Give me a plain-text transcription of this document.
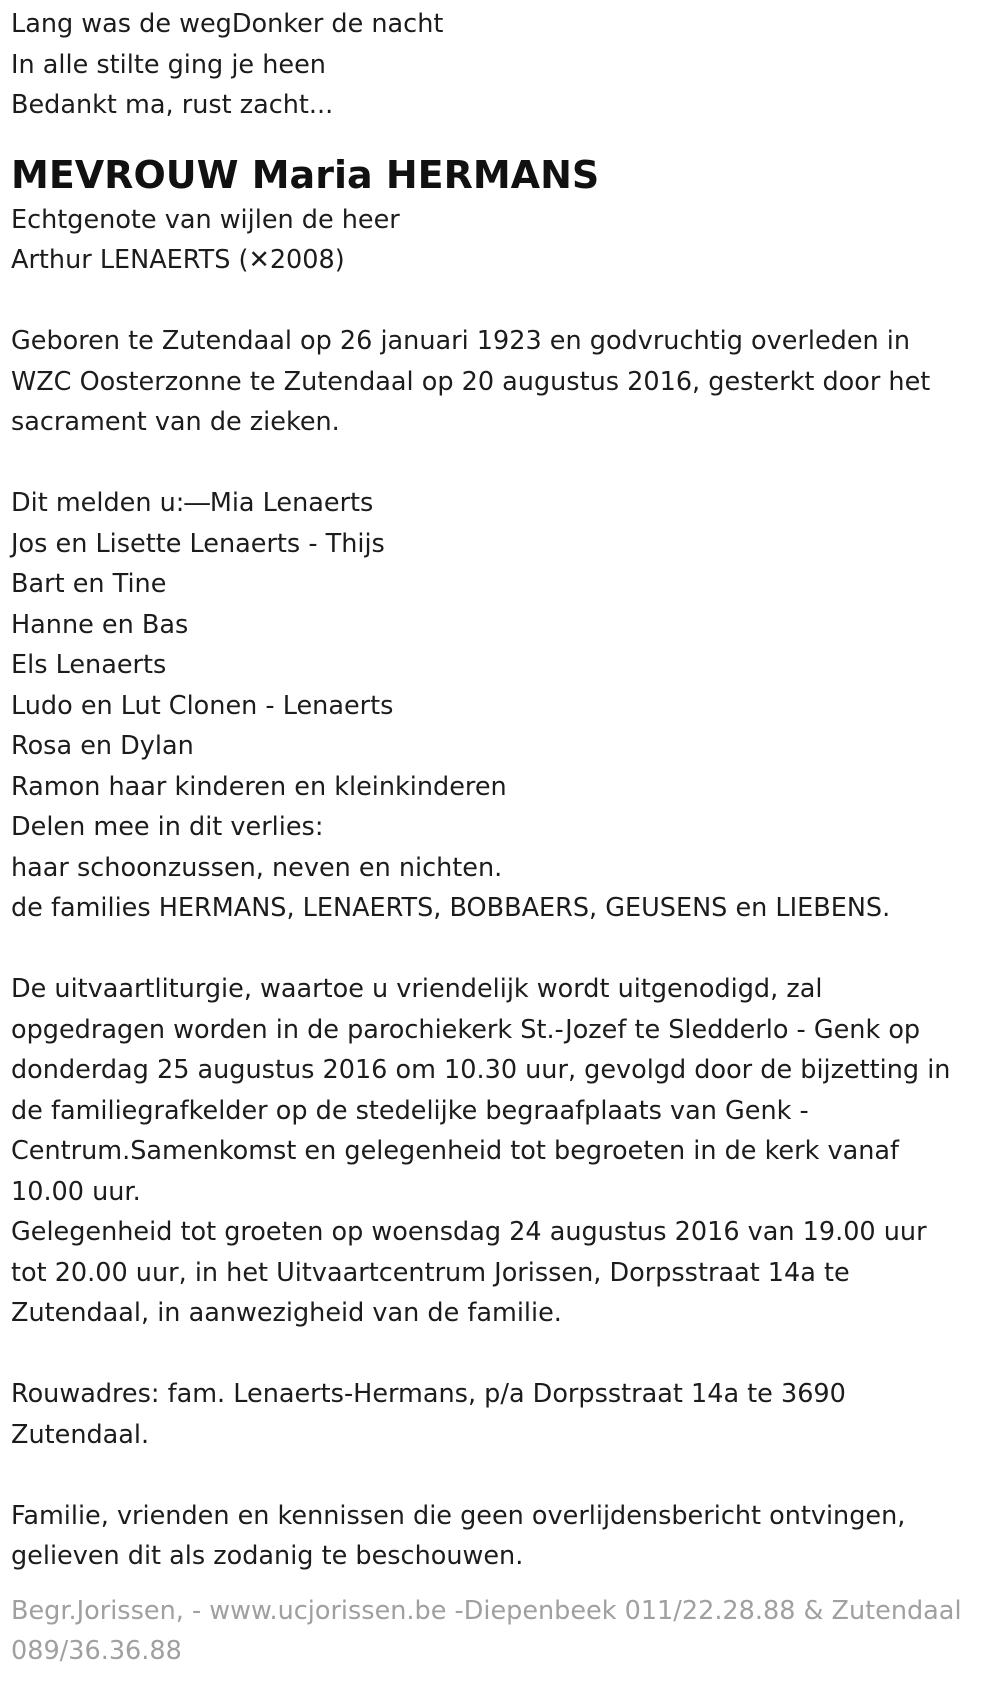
Lang was de wegDonker de nacht
In alle stilte ging je heen
Bedankt ma, rust zacht...
MEVROUW Maria HERMANS
Echtgenote van wijlen de heer
Arthur LENAERTS (✕2008)
Geboren te Zutendaal op 26 januari 1923 en godvruchtig overleden in
WZC Oosterzonne te Zutendaal op 20 augustus 2016, gesterkt door het
sacrament van de zieken.
Dit melden u:―Mia Lenaerts
Jos en Lisette Lenaerts - Thijs
Bart en Tine
Hanne en Bas
Els Lenaerts
Ludo en Lut Clonen - Lenaerts
Rosa en Dylan
Ramon haar kinderen en kleinkinderen
Delen mee in dit verlies:
haar schoonzussen, neven en nichten.
de families HERMANS, LENAERTS, BOBBAERS, GEUSENS en LIEBENS.
De uitvaartliturgie, waartoe u vriendelijk wordt uitgenodigd, zal
opgedragen worden in de parochiekerk St.-Jozef te Sledderlo - Genk op
donderdag 25 augustus 2016 om 10.30 uur, gevolgd door de bijzetting in
de familiegrafkelder op de stedelijke begraafplaats van Genk -
Centrum.Samenkomst en gelegenheid tot begroeten in de kerk vanaf
10.00 uur.
Gelegenheid tot groeten op woensdag 24 augustus 2016 van 19.00 uur
tot 20.00 uur, in het Uitvaartcentrum Jorissen, Dorpsstraat 14a te
Zutendaal, in aanwezigheid van de familie.
Rouwadres: fam. Lenaerts-Hermans, p/a Dorpsstraat 14a te 3690
Zutendaal.
Familie, vrienden en kennissen die geen overlijdensbericht ontvingen,
gelieven dit als zodanig te beschouwen.
Begr.Jorissen, - www.ucjorissen.be -Diepenbeek 011/22.28.88 & Zutendaal
089/36.36.88
